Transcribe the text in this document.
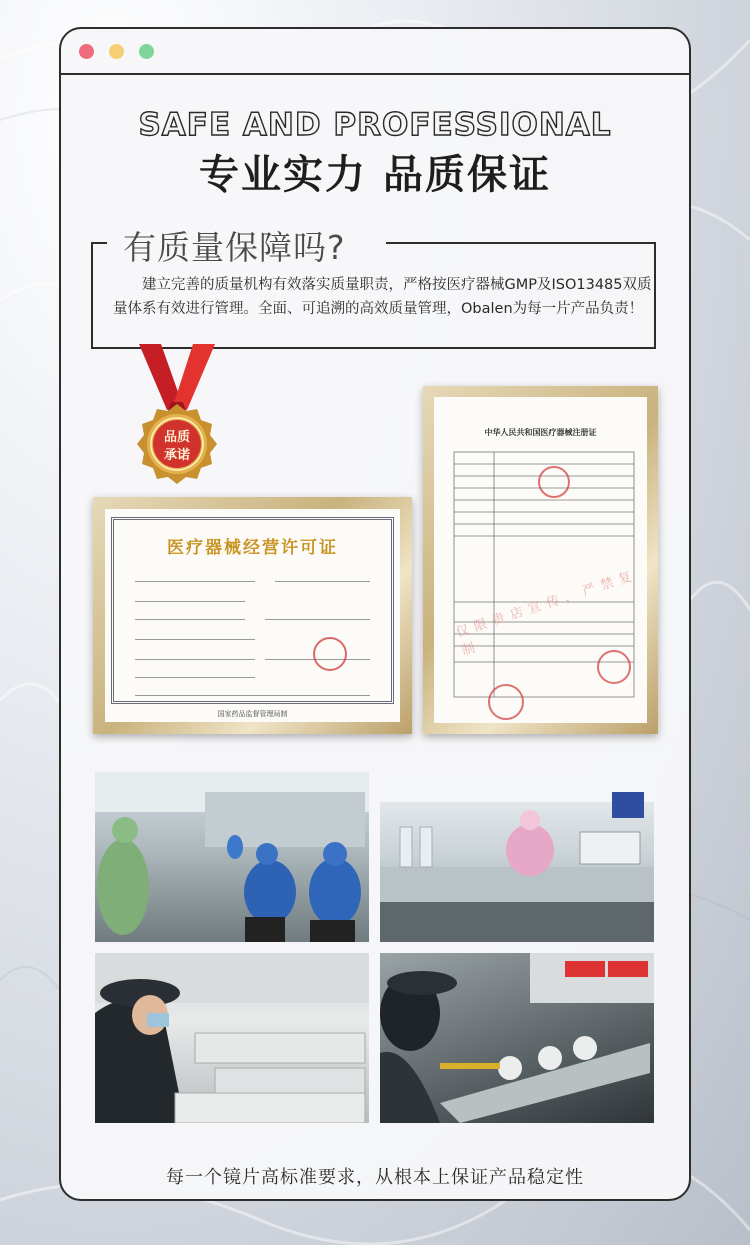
SAFE AND PROFESSIONAL
专业实力 品质保证
有质量保障吗?
建立完善的质量机构有效落实质量职责，严格按医疗器械GMP及ISO13485双质量体系有效进行管理。全面、可追溯的高效质量管理，Obalen为每一片产品负责！
品质
承诺
医疗器械经营许可证
国家药品监督管理局制
中华人民共和国医疗器械注册证
仅限贵店宣传，严禁复制
每一个镜片高标准要求，从根本上保证产品稳定性
